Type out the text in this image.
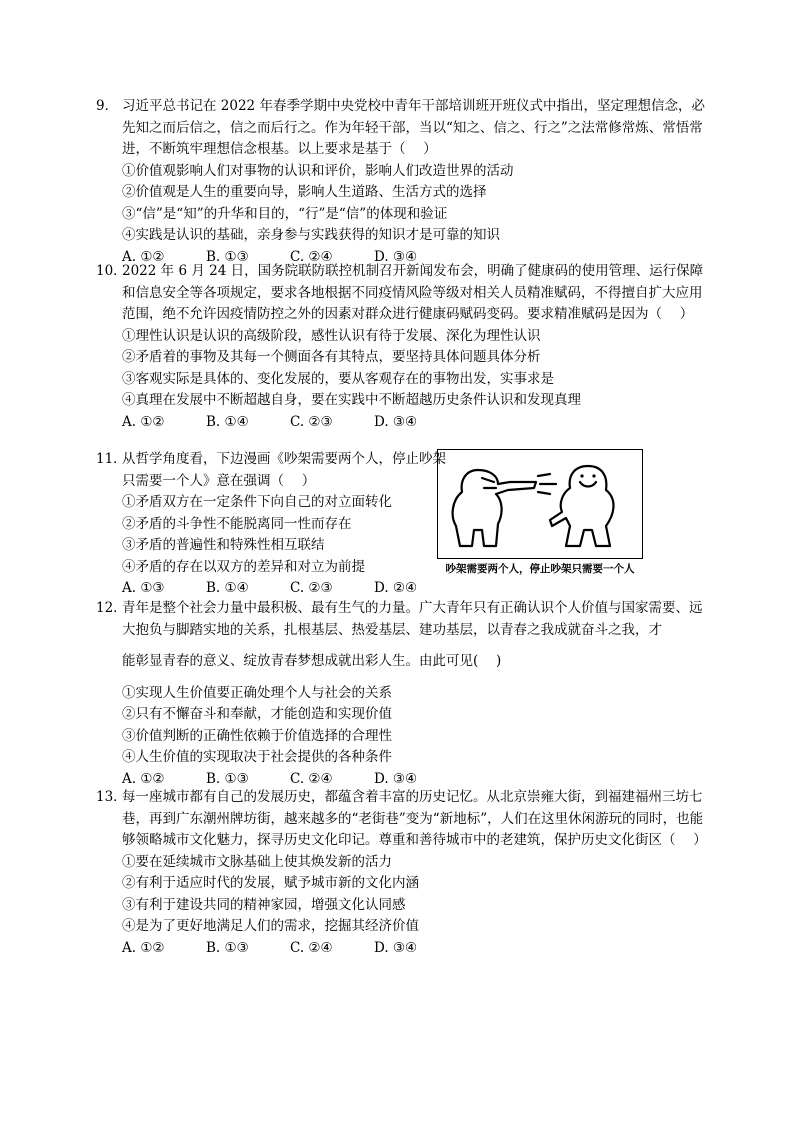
9． 习近平总书记在 2022 年春季学期中央党校中青年干部培训班开班仪式中指出，坚定理想信念，必先知之而后信之，信之而后行之。作为年轻干部，当以“知之、信之、行之”之法常修常炼、常悟常进，不断筑牢理想信念根基。以上要求是基于（　 ）

①价值观影响人们对事物的认识和评价，影响人们改造世界的活动

②价值观是人生的重要向导，影响人生道路、生活方式的选择

③“信”是“知”的升华和目的，“行”是“信”的体现和验证

④实践是认识的基础，亲身参与实践获得的知识才是可靠的知识

A. ①②	B. ①③	C. ②④	D. ③④

10．2022 年 6 月 24 日，国务院联防联控机制召开新闻发布会，明确了健康码的使用管理、运行保障和信息安全等各项规定，要求各地根据不同疫情风险等级对相关人员精准赋码，不得擅自扩大应用范围，绝不允许因疫情防控之外的因素对群众进行健康码赋码变码。要求精准赋码是因为（　 ）

①理性认识是认识的高级阶段，感性认识有待于发展、深化为理性认识

②矛盾着的事物及其每一个侧面各有其特点，要坚持具体问题具体分析

③客观实际是具体的、变化发展的，要从客观存在的事物出发，实事求是

④真理在发展中不断超越自身，要在实践中不断超越历史条件认识和发现真理

A. ①②	B. ①④	C. ②③	D. ③④

11．从哲学角度看，下边漫画《吵架需要两个人，停止吵架只需要一个人》意在强调（　 ）

①矛盾双方在一定条件下向自己的对立面转化

②矛盾的斗争性不能脱离同一性而存在

③矛盾的普遍性和特殊性相互联结

④矛盾的存在以双方的差异和对立为前提

A. ①③	B. ①④	C. ②③	D. ②④
吵架需要两个人，停止吵架只需要一个人

12．青年是整个社会力量中最积极、最有生气的力量。广大青年只有正确认识个人价值与国家需要、远大抱负与脚踏实地的关系，扎根基层、热爱基层、建功基层，以青春之我成就奋斗之我，才

能彰显青春的意义、绽放青春梦想成就出彩人生。由此可见(　 )

①实现人生价值要正确处理个人与社会的关系

②只有不懈奋斗和奉献，才能创造和实现价值

③价值判断的正确性依赖于价值选择的合理性

④人生价值的实现取决于社会提供的各种条件

A. ①②	B. ①③	C. ②④	D. ③④

13．每一座城市都有自己的发展历史，都蕴含着丰富的历史记忆。从北京崇雍大街，到福建福州三坊七巷，再到广东潮州牌坊街，越来越多的“老街巷”变为“新地标”，人们在这里休闲游玩的同时，也能够领略城市文化魅力，探寻历史文化印记。尊重和善待城市中的老建筑，保护历史文化街区（　 ）

①要在延续城市文脉基础上使其焕发新的活力

②有利于适应时代的发展，赋予城市新的文化内涵

③有利于建设共同的精神家园，增强文化认同感

④是为了更好地满足人们的需求，挖掘其经济价值

A. ①②	B. ①③	C. ②④	D. ③④
